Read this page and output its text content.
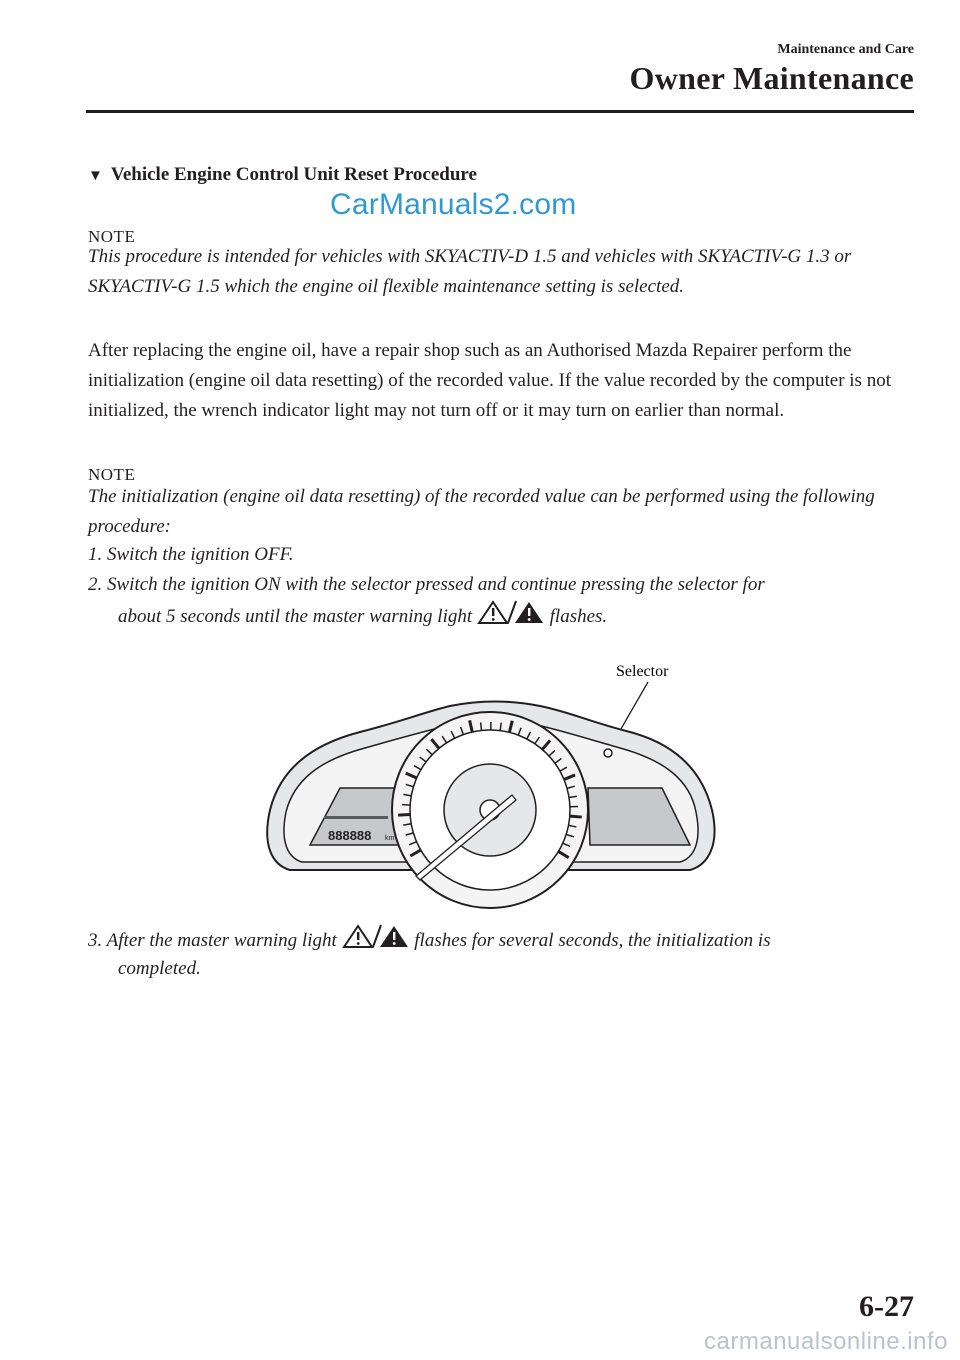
Maintenance and Care
Owner Maintenance
▼ Vehicle Engine Control Unit Reset Procedure
CarManuals2.com
NOTE
This procedure is intended for vehicles with SKYACTIV-D 1.5 and vehicles with SKYACTIV-G 1.3 or SKYACTIV-G 1.5 which the engine oil flexible maintenance setting is selected.
After replacing the engine oil, have a repair shop such as an Authorised Mazda Repairer perform the initialization (engine oil data resetting) of the recorded value. If the value recorded by the computer is not initialized, the wrench indicator light may not turn off or it may turn on earlier than normal.
NOTE
The initialization (engine oil data resetting) of the recorded value can be performed using the following procedure:
1. Switch the ignition OFF.
2. Switch the ignition ON with the selector pressed and continue pressing the selector for
about 5 seconds until the master warning light	flashes.
Selector
888888 km
3. After the master warning light	flashes for several seconds, the initialization is
completed.
6-27
carmanualsonline.info
